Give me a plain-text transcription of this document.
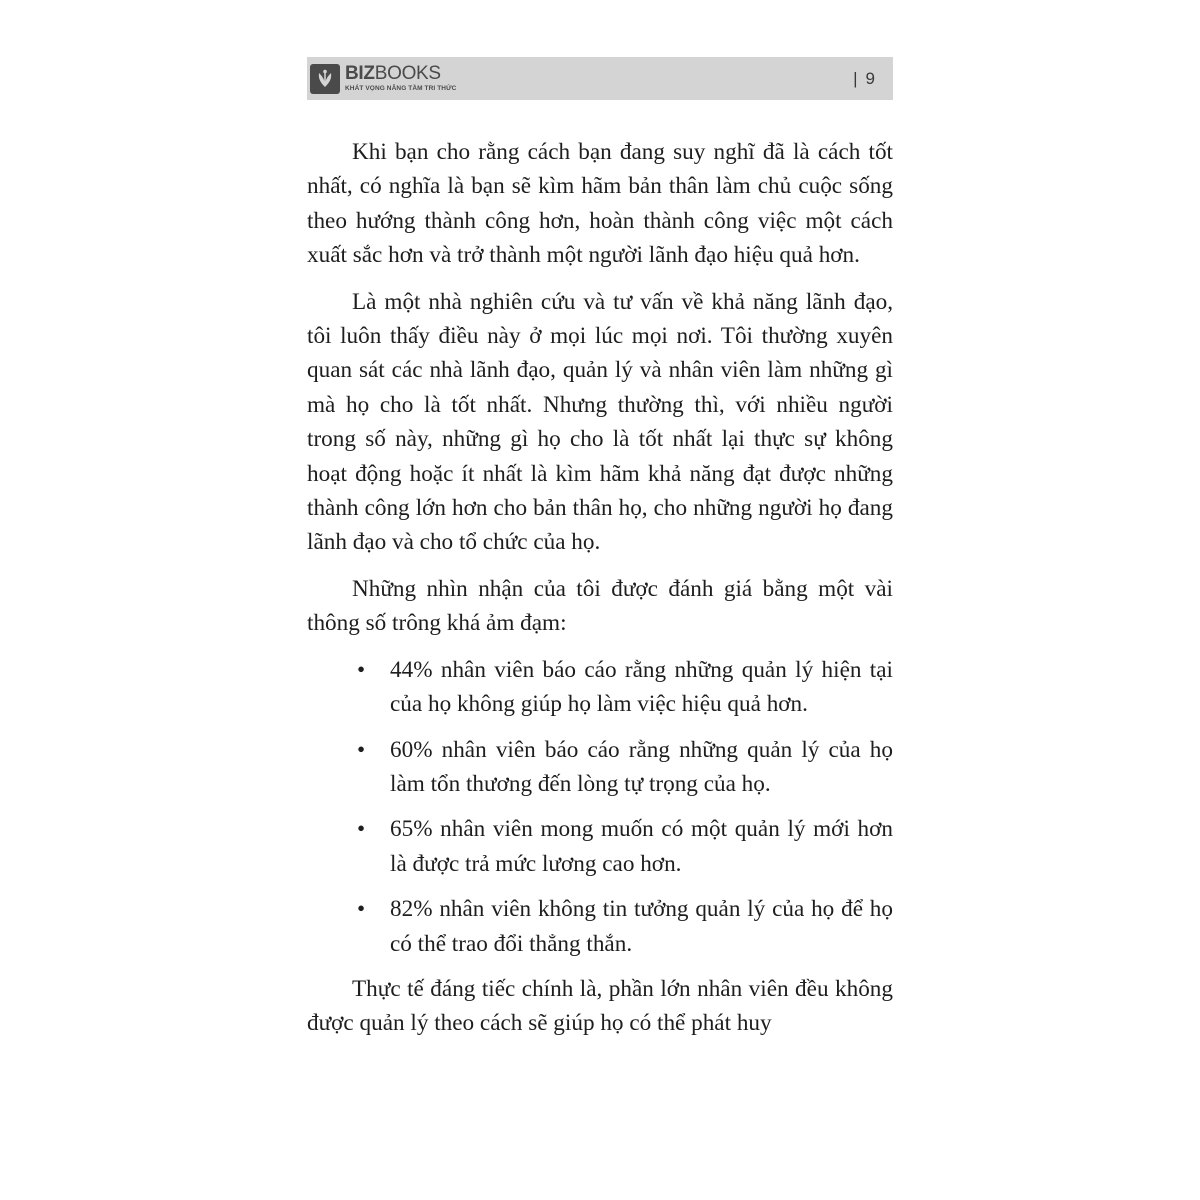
BIZBOOKS
KHÁT VỌNG NÂNG TẦM TRI THỨC
| 9

Khi bạn cho rằng cách bạn đang suy nghĩ đã là cách tốt nhất, có nghĩa là bạn sẽ kìm hãm bản thân làm chủ cuộc sống theo hướng thành công hơn, hoàn thành công việc một cách xuất sắc hơn và trở thành một người lãnh đạo hiệu quả hơn.

Là một nhà nghiên cứu và tư vấn về khả năng lãnh đạo, tôi luôn thấy điều này ở mọi lúc mọi nơi. Tôi thường xuyên quan sát các nhà lãnh đạo, quản lý và nhân viên làm những gì mà họ cho là tốt nhất. Nhưng thường thì, với nhiều người trong số này, những gì họ cho là tốt nhất lại thực sự không hoạt động hoặc ít nhất là kìm hãm khả năng đạt được những thành công lớn hơn cho bản thân họ, cho những người họ đang lãnh đạo và cho tổ chức của họ.

Những nhìn nhận của tôi được đánh giá bằng một vài thông số trông khá ảm đạm:

• 44% nhân viên báo cáo rằng những quản lý hiện tại của họ không giúp họ làm việc hiệu quả hơn.
• 60% nhân viên báo cáo rằng những quản lý của họ làm tổn thương đến lòng tự trọng của họ.
• 65% nhân viên mong muốn có một quản lý mới hơn là được trả mức lương cao hơn.
• 82% nhân viên không tin tưởng quản lý của họ để họ có thể trao đổi thẳng thắn.

Thực tế đáng tiếc chính là, phần lớn nhân viên đều không được quản lý theo cách sẽ giúp họ có thể phát huy
